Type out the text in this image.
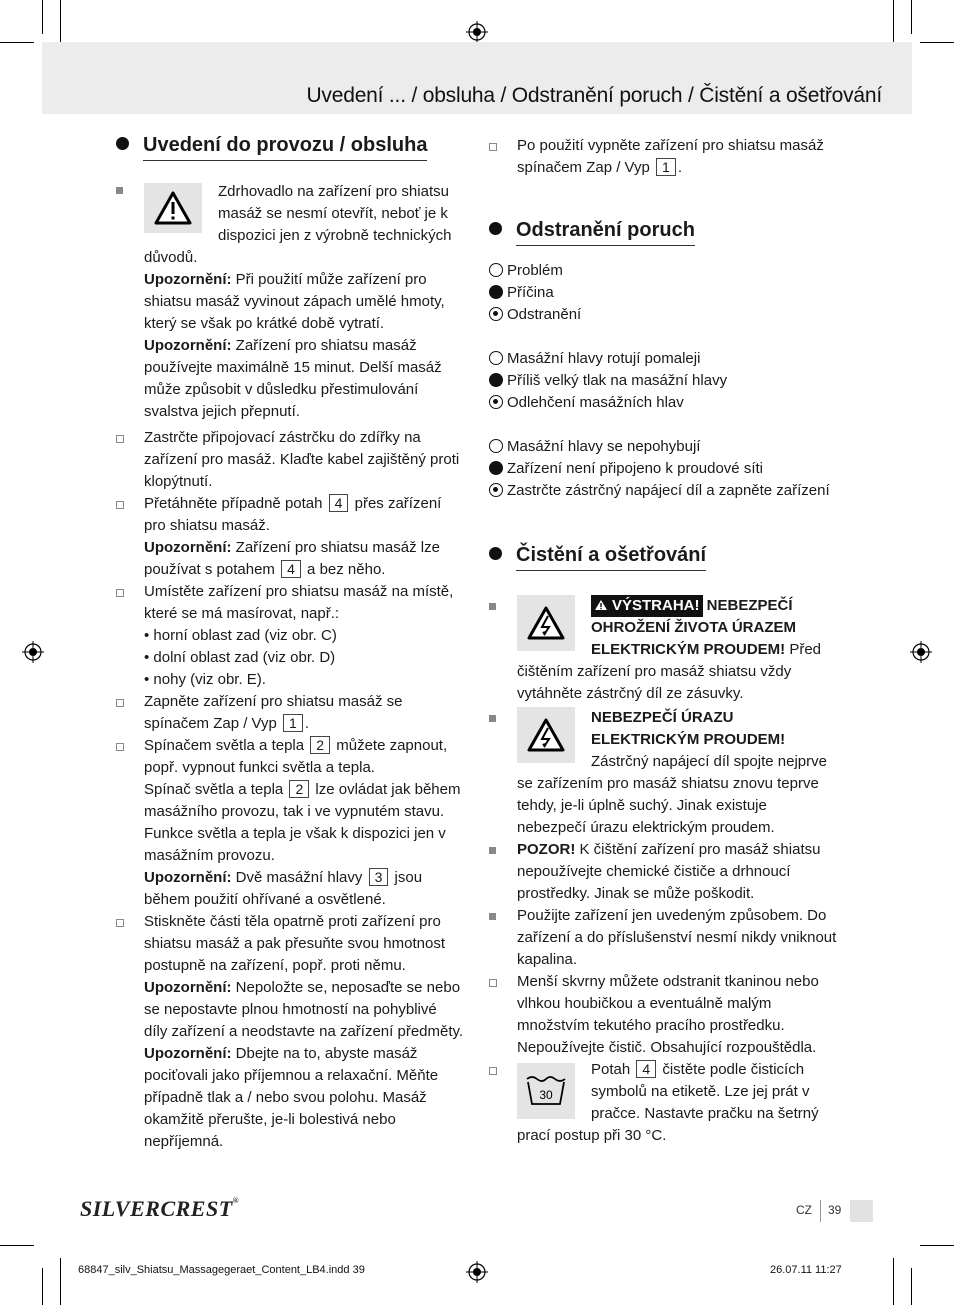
Uvedení ... / obsluha / Odstranění poruch / Čistění a ošetřování
Uvedení do provozu / obsluha
Zdrhovadlo na zařízení pro shiatsu masáž se nesmí otevřít, neboť je k dispozici jen z výrobně technických důvodů.
Upozornění: Při použití může zařízení pro shiatsu masáž vyvinout zápach umělé hmoty, který se však po krátké době vytratí.
Upozornění: Zařízení pro shiatsu masáž používejte maximálně 15 minut. Delší masáž může způsobit v důsledku přestimulování svalstva jejich přepnutí.
Zastrčte připojovací zástrčku do zdířky na zařízení pro masáž. Klaďte kabel zajištěný proti klopýtnutí.
Přetáhněte případně potah 4 přes zařízení pro shiatsu masáž.
Upozornění: Zařízení pro shiatsu masáž lze používat s potahem 4 a bez něho.
Umístěte zařízení pro shiatsu masáž na místě, které se má masírovat, např.:
• horní oblast zad (viz obr. C)
• dolní oblast zad (viz obr. D)
• nohy (viz obr. E).
Zapněte zařízení pro shiatsu masáž se spínačem Zap / Vyp 1 .
Spínačem světla a tepla 2 můžete zapnout, popř. vypnout funkci světla a tepla.
Spínač světla a tepla 2 lze ovládat jak během masážního provozu, tak i ve vypnutém stavu. Funkce světla a tepla je však k dispozici jen v masážním provozu.
Upozornění: Dvě masážní hlavy 3 jsou během použití ohřívané a osvětlené.
Stiskněte části těla opatrně proti zařízení pro shiatsu masáž a pak přesuňte svou hmotnost postupně na zařízení, popř. proti němu.
Upozornění: Nepoložte se, neposaďte se nebo se nepostavte plnou hmotností na pohyblivé díly zařízení a neodstavte na zařízení předměty.
Upozornění: Dbejte na to, abyste masáž pociťovali jako příjemnou a relaxační. Měňte případně tlak a / nebo svou polohu. Masáž okamžitě přerušte, je-li bolestivá nebo nepříjemná.
Po použití vypněte zařízení pro shiatsu masáž spínačem Zap / Vyp 1 .
Odstranění poruch
Problém
Příčina
Odstranění
Masážní hlavy rotují pomaleji
Příliš velký tlak na masážní hlavy
Odlehčení masážních hlav
Masážní hlavy se nepohybují
Zařízení není připojeno k proudové síti
Zastrčte zástrčný napájecí díl a zapněte zařízení
Čistění a ošetřování
VÝSTRAHA! NEBEZPEČÍ OHROŽENÍ ŽIVOTA ÚRAZEM ELEKTRICKÝM PROUDEM! Před čištěním zařízení pro masáž shiatsu vždy vytáhněte zástrčný díl ze zásuvky.
NEBEZPEČÍ ÚRAZU ELEKTRICKÝM PROUDEM! Zástrčný napájecí díl spojte nejprve se zařízením pro masáž shiatsu znovu teprve tehdy, je-li úplně suchý. Jinak existuje nebezpečí úrazu elektrickým proudem.
POZOR! K čištění zařízení pro masáž shiatsu nepoužívejte chemické čističe a drhnoucí prostředky. Jinak se může poškodit.
Použijte zařízení jen uvedeným způsobem. Do zařízení a do příslušenství nesmí nikdy vniknout kapalina.
Menší skvrny můžete odstranit tkaninou nebo vlhkou houbičkou a eventuálně malým množstvím tekutého pracího prostředku. Nepoužívejte čistič. Obsahující rozpouštědla.
30
Potah 4 čistěte podle čisticích symbolů na etiketě. Lze jej prát v pračce. Nastavte pračku na šetrný prací postup při 30 °C.
SILVERCREST®
CZ 39
68847_silv_Shiatsu_Massagegeraet_Content_LB4.indd 39	26.07.11 11:27
